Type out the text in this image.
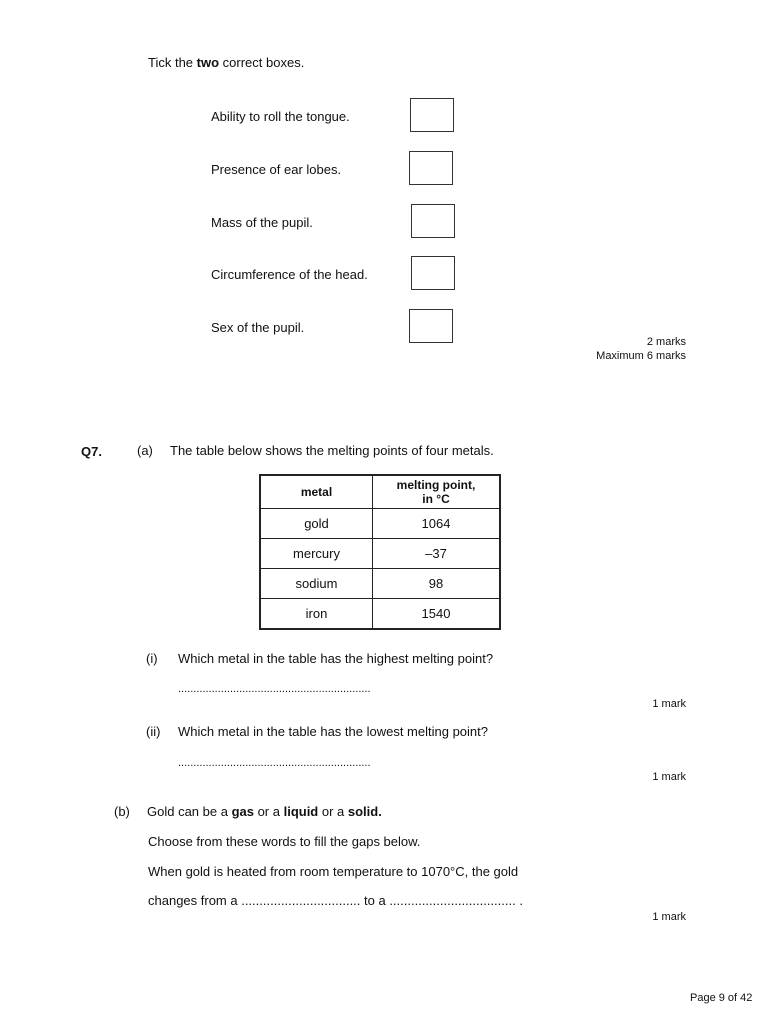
Tick the two correct boxes.
Ability to roll the tongue.
Presence of ear lobes.
Mass of the pupil.
Circumference of the head.
Sex of the pupil.
2 marks
Maximum 6 marks
Q7.	(a) The table below shows the melting points of four metals.
metal	melting point,
in °C
gold	1064
mercury	–37
sodium	98
iron	1540
(i) Which metal in the table has the highest melting point?
...............................................................
1 mark
(ii) Which metal in the table has the lowest melting point?
...............................................................
1 mark
(b) Gold can be a gas or a liquid or a solid.
Choose from these words to fill the gaps below.
When gold is heated from room temperature to 1070°C, the gold
changes from a ................................. to a ................................... .
1 mark
Page 9 of 42
